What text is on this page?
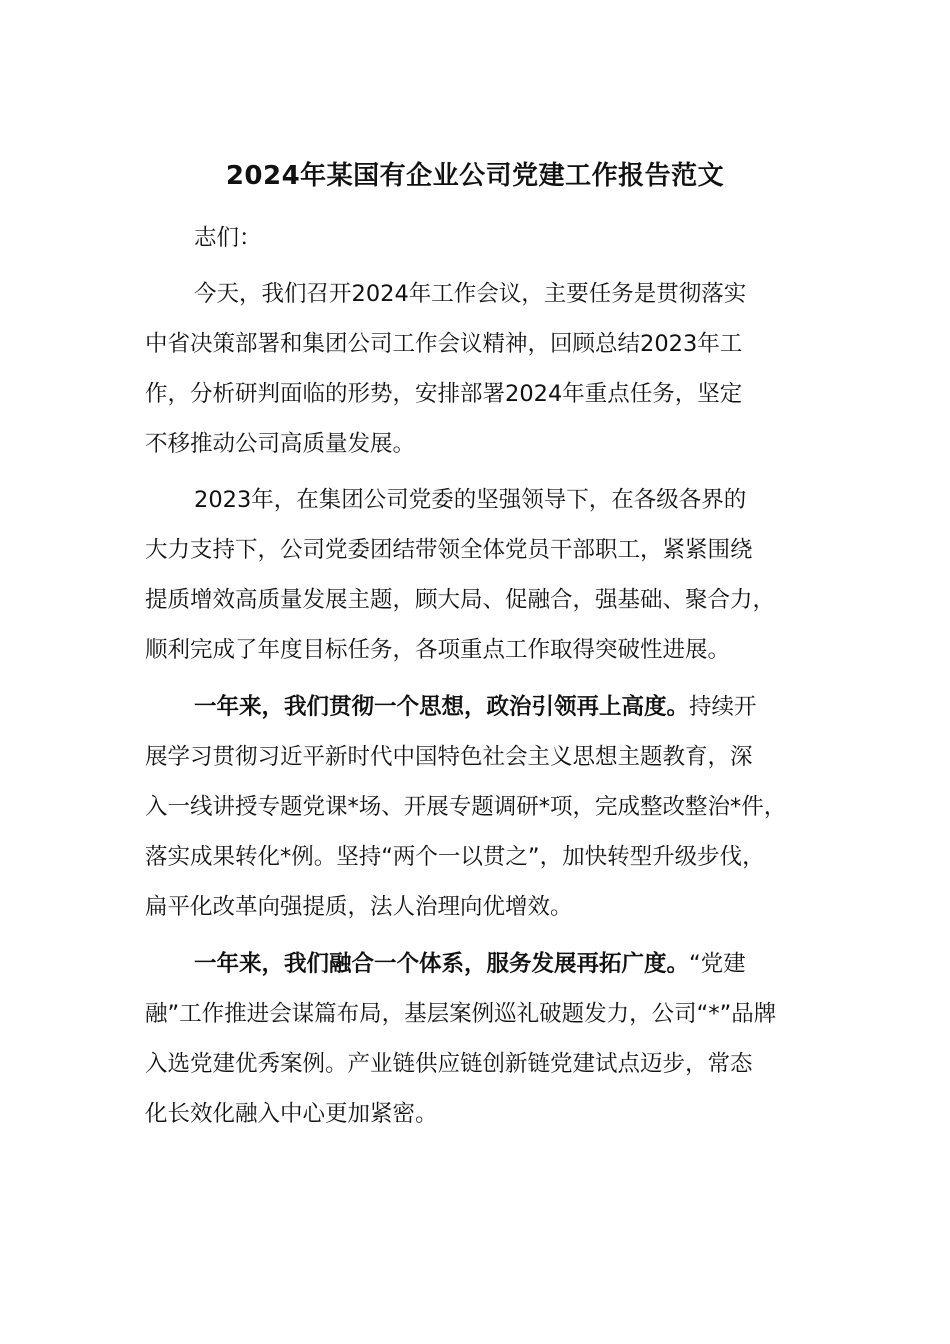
2024年某国有企业公司党建工作报告范文
志们：
今天，我们召开2024年工作会议，主要任务是贯彻落实
中省决策部署和集团公司工作会议精神，回顾总结2023年工
作，分析研判面临的形势，安排部署2024年重点任务，坚定
不移推动公司高质量发展。
2023年，在集团公司党委的坚强领导下，在各级各界的
大力支持下，公司党委团结带领全体党员干部职工，紧紧围绕
提质增效高质量发展主题，顾大局、促融合，强基础、聚合力，
顺利完成了年度目标任务，各项重点工作取得突破性进展。
一年来，我们贯彻一个思想，政治引领再上高度。持续开
展学习贯彻习近平新时代中国特色社会主义思想主题教育，深
入一线讲授专题党课*场、开展专题调研*项，完成整改整治*件，
落实成果转化*例。坚持“两个一以贯之”，加快转型升级步伐，
扁平化改革向强提质，法人治理向优增效。
一年来，我们融合一个体系，服务发展再拓广度。“党建
融”工作推进会谋篇布局，基层案例巡礼破题发力，公司“*”品牌
入选党建优秀案例。产业链供应链创新链党建试点迈步，常态
化长效化融入中心更加紧密。
